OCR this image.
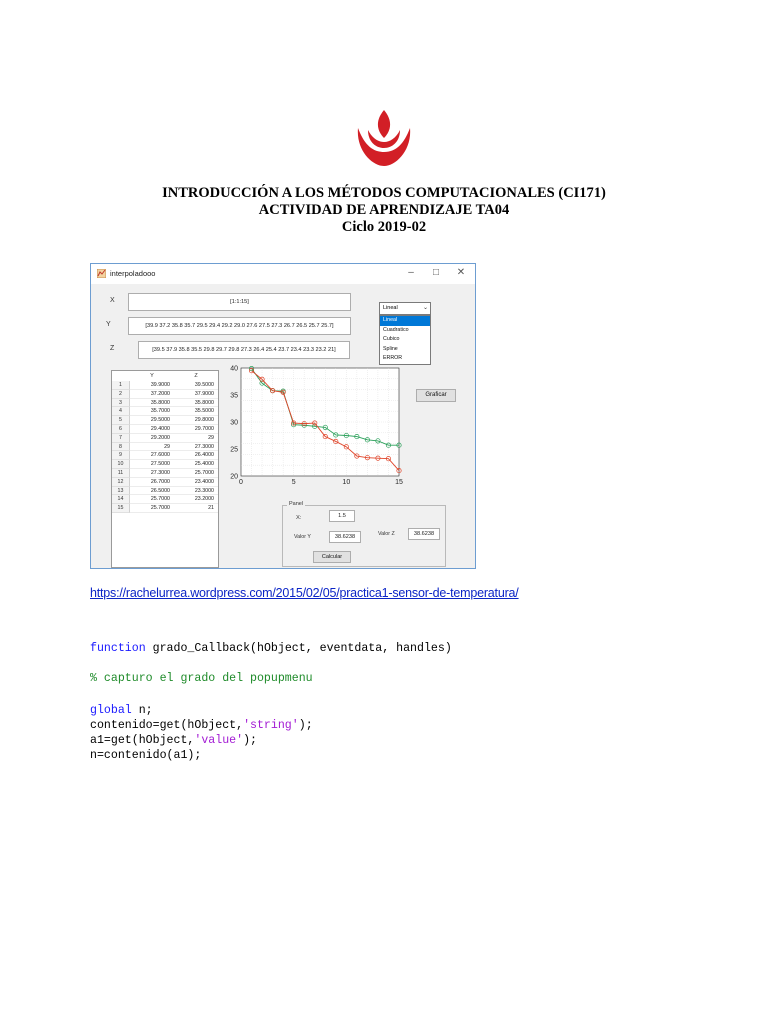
INTRODUCCIÓN A LOS MÉTODOS COMPUTACIONALES (CI171)
ACTIVIDAD DE APRENDIZAJE TA04
Ciclo 2019-02
interpoladooo	–	□	✕
X	[1:1:15]
Y	[39.9 37.2 35.8 35.7 29.5 29.4 29.2 29.0 27.6 27.5 27.3 26.7 26.5 25.7 25.7]
Z	[39.5 37.9 35.8 35.5 29.8 29.7 29.8 27.3 26.4 25.4 23.7 23.4 23.3 23.2 21]
Lineal	⌄
Lineal
Cuadratico
Cubico
Spline
ERROR
Graficar
Y	Z
1	39.9000	39.5000
2	37.2000	37.9000
3	35.8000	35.8000
4	35.7000	35.5000
5	29.5000	29.8000
6	29.4000	29.7000
7	29.2000	29
8	29	27.3000
9	27.6000	26.4000
10	27.5000	25.4000
11	27.3000	25.7000
12	26.7000	23.4000
13	26.5000	23.3000
14	25.7000	23.2000
15	25.7000	21
0	5	10	15
20
25
30
35
40
Panel
X:	1.5
Valor Y	38.6238	Valor Z	38.6238
Calcular
https://rachelurrea.wordpress.com/2015/02/05/practica1-sensor-de-temperatura/
function grado_Callback(hObject, eventdata, handles)
% capturo el grado del popupmenu
global n;
contenido=get(hObject,'string');
a1=get(hObject,'value');
n=contenido(a1);
